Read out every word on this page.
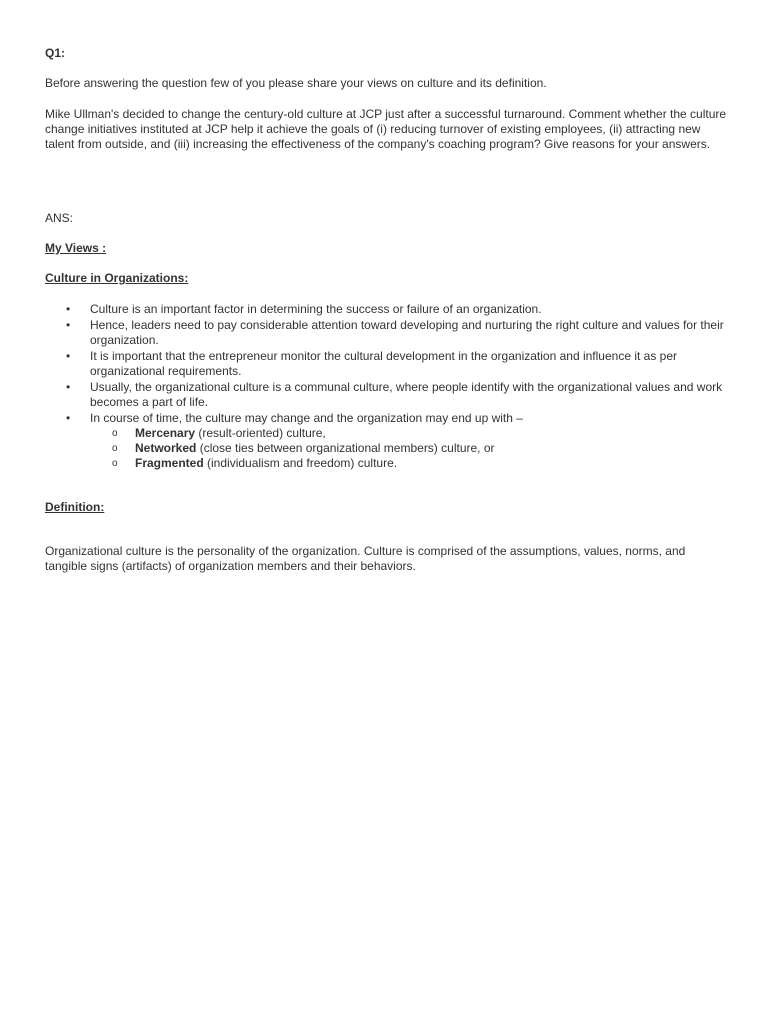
Q1:

Before answering the question few of you please share your views on culture and its definition.

Mike Ullman's decided to change the century-old culture at JCP just after a successful turnaround. Comment whether the culture change initiatives instituted at JCP help it achieve the goals of (i) reducing turnover of existing employees, (ii) attracting new talent from outside, and (iii) increasing the effectiveness of the company's coaching program? Give reasons for your answers.

ANS:

My Views :

Culture in Organizations:

• Culture is an important factor in determining the success or failure of an organization.
• Hence, leaders need to pay considerable attention toward developing and nurturing the right culture and values for their organization.
• It is important that the entrepreneur monitor the cultural development in the organization and influence it as per organizational requirements.
• Usually, the organizational culture is a communal culture, where people identify with the organizational values and work becomes a part of life.
• In course of time, the culture may change and the organization may end up with –
o Mercenary (result-oriented) culture,
o Networked (close ties between organizational members) culture, or
o Fragmented (individualism and freedom) culture.

Definition:

Organizational culture is the personality of the organization. Culture is comprised of the assumptions, values, norms, and tangible signs (artifacts) of organization members and their behaviors.
